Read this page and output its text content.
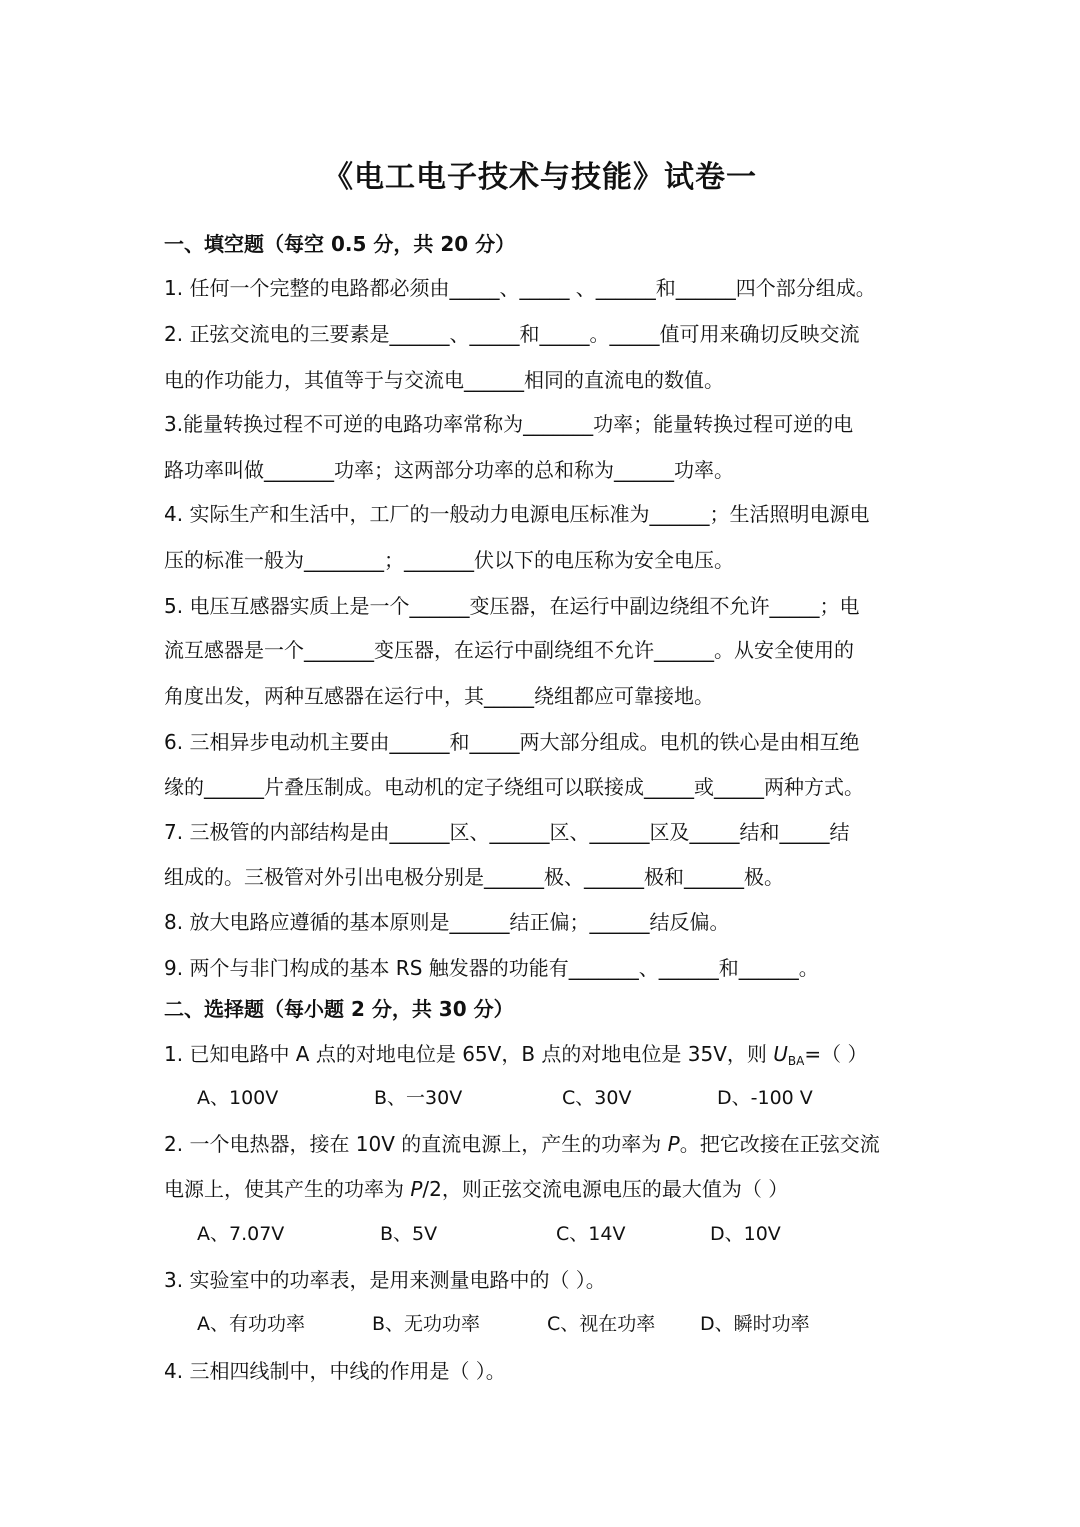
《电工电子技术与技能》试卷一
一、填空题（每空 0.5 分，共 20 分）
1. 任何一个完整的电路都必须由_____、_____ 、______和______四个部分组成。
2. 正弦交流电的三要素是______、_____和_____。_____值可用来确切反映交流
电的作功能力，其值等于与交流电______相同的直流电的数值。
3.能量转换过程不可逆的电路功率常称为_______功率；能量转换过程可逆的电
路功率叫做_______功率；这两部分功率的总和称为______功率。
4. 实际生产和生活中，工厂的一般动力电源电压标准为______；生活照明电源电
压的标准一般为________；_______伏以下的电压称为安全电压。
5. 电压互感器实质上是一个______变压器，在运行中副边绕组不允许_____；电
流互感器是一个_______变压器，在运行中副绕组不允许______。从安全使用的
角度出发，两种互感器在运行中，其_____绕组都应可靠接地。
6. 三相异步电动机主要由______和_____两大部分组成。电机的铁心是由相互绝
缘的______片叠压制成。电动机的定子绕组可以联接成_____或_____两种方式。
7. 三极管的内部结构是由______区、______区、______区及_____结和_____结
组成的。三极管对外引出电极分别是______极、______极和______极。
8. 放大电路应遵循的基本原则是______结正偏；______结反偏。
9. 两个与非门构成的基本 RS 触发器的功能有_______、______和______。
二、选择题（每小题 2 分，共 30 分）
1. 已知电路中 A 点的对地电位是 65V，B 点的对地电位是 35V，则 $U_{BA}=$（ ）
A、100V	B、一30V	C、30V	D、-100 V
2. 一个电热器，接在 10V 的直流电源上，产生的功率为 P。把它改接在正弦交流
电源上，使其产生的功率为 P/2，则正弦交流电源电压的最大值为（ ）
A、7.07V	B、5V	C、14V	D、10V
3. 实验室中的功率表，是用来测量电路中的（ ）。
A、有功功率	B、无功功率	C、视在功率 D、瞬时功率
4. 三相四线制中，中线的作用是（ ）。
